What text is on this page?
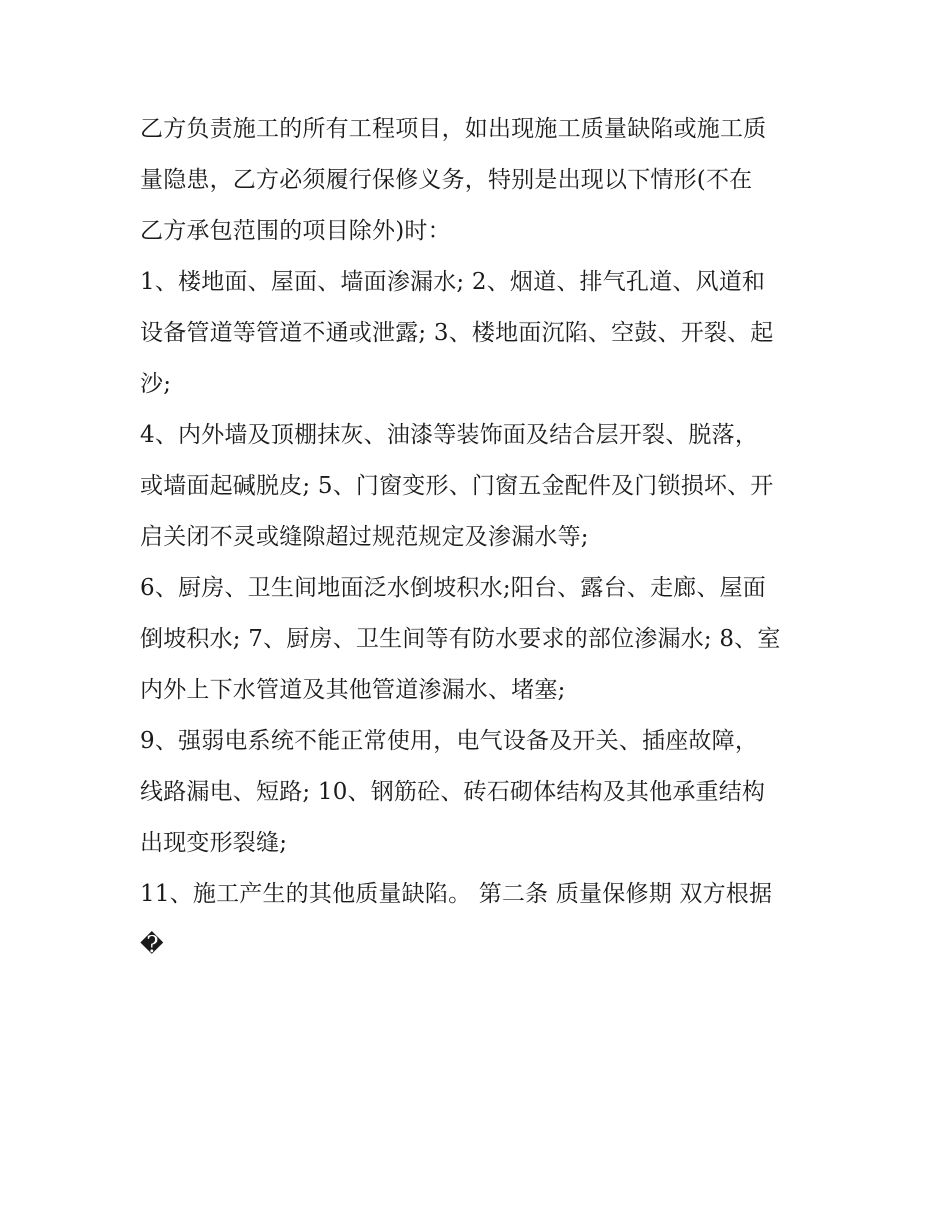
乙方负责施工的所有工程项目，如出现施工质量缺陷或施工质
量隐患，乙方必须履行保修义务，特别是出现以下情形(不在
乙方承包范围的项目除外)时：
1、楼地面、屋面、墙面渗漏水; 2、烟道、排气孔道、风道和
设备管道等管道不通或泄露; 3、楼地面沉陷、空鼓、开裂、起
沙;
4、内外墙及顶棚抹灰、油漆等装饰面及结合层开裂、脱落，
或墙面起碱脱皮; 5、门窗变形、门窗五金配件及门锁损坏、开
启关闭不灵或缝隙超过规范规定及渗漏水等;
6、厨房、卫生间地面泛水倒坡积水;阳台、露台、走廊、屋面
倒坡积水; 7、厨房、卫生间等有防水要求的部位渗漏水; 8、室
内外上下水管道及其他管道渗漏水、堵塞;
9、强弱电系统不能正常使用，电气设备及开关、插座故障，
线路漏电、短路; 10、钢筋砼、砖石砌体结构及其他承重结构
出现变形裂缝;
11、施工产生的其他质量缺陷。 第二条 质量保修期 双方根据
�
